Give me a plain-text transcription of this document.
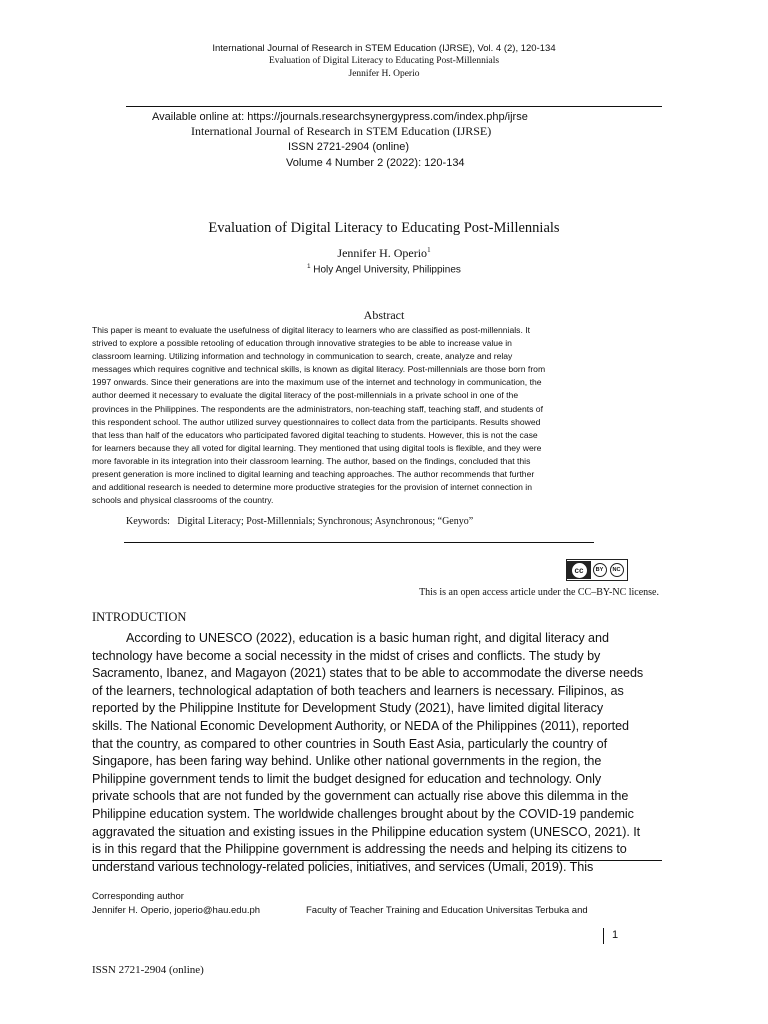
International Journal of Research in STEM Education (IJRSE), Vol. 4 (2), 120-134
Evaluation of Digital Literacy to Educating Post-Millennials
Jennifer H. Operio
Available online at: https://journals.researchsynergypress.com/index.php/ijrse
International Journal of Research in STEM Education (IJRSE)
ISSN 2721-2904 (online)
Volume 4 Number 2 (2022): 120-134
Evaluation of Digital Literacy to Educating Post-Millennials
Jennifer H. Operio$^1$
$^1$ Holy Angel University, Philippines
Abstract
This paper is meant to evaluate the usefulness of digital literacy to learners who are classified as post-millennials. It
strived to explore a possible retooling of education through innovative strategies to be able to increase value in
classroom learning. Utilizing information and technology in communication to search, create, analyze and relay
messages which requires cognitive and technical skills, is known as digital literacy. Post-millennials are those born from
1997 onwards. Since their generations are into the maximum use of the internet and technology in communication, the
author deemed it necessary to evaluate the digital literacy of the post-millennials in a private school in one of the
provinces in the Philippines. The respondents are the administrators, non-teaching staff, teaching staff, and students of
this respondent school. The author utilized survey questionnaires to collect data from the participants. Results showed
that less than half of the educators who participated favored digital teaching to students. However, this is not the case
for learners because they all voted for digital learning. They mentioned that using digital tools is flexible, and they were
more favorable in its integration into their classroom learning. The author, based on the findings, concluded that this
present generation is more inclined to digital learning and teaching approaches. The author recommends that further
and additional research is needed to determine more productive strategies for the provision of internet connection in
schools and physical classrooms of the country.
Keywords: Digital Literacy; Post-Millennials; Synchronous; Asynchronous; “Genyo”
cc	BY	NC
This is an open access article under the CC–BY-NC license.
INTRODUCTION
According to UNESCO (2022), education is a basic human right, and digital literacy and
technology have become a social necessity in the midst of crises and conflicts. The study by
Sacramento, Ibanez, and Magayon (2021) states that to be able to accommodate the diverse needs
of the learners, technological adaptation of both teachers and learners is necessary. Filipinos, as
reported by the Philippine Institute for Development Study (2021), have limited digital literacy
skills. The National Economic Development Authority, or NEDA of the Philippines (2011), reported
that the country, as compared to other countries in South East Asia, particularly the country of
Singapore, has been faring way behind. Unlike other national governments in the region, the
Philippine government tends to limit the budget designed for education and technology. Only
private schools that are not funded by the government can actually rise above this dilemma in the
Philippine education system. The worldwide challenges brought about by the COVID-19 pandemic
aggravated the situation and existing issues in the Philippine education system (UNESCO, 2021). It
is in this regard that the Philippine government is addressing the needs and helping its citizens to
understand various technology-related policies, initiatives, and services (Umali, 2019). This
Corresponding author
Jennifer H. Operio, joperio@hau.edu.ph	Faculty of Teacher Training and Education Universitas Terbuka and
1
ISSN 2721-2904 (online)
